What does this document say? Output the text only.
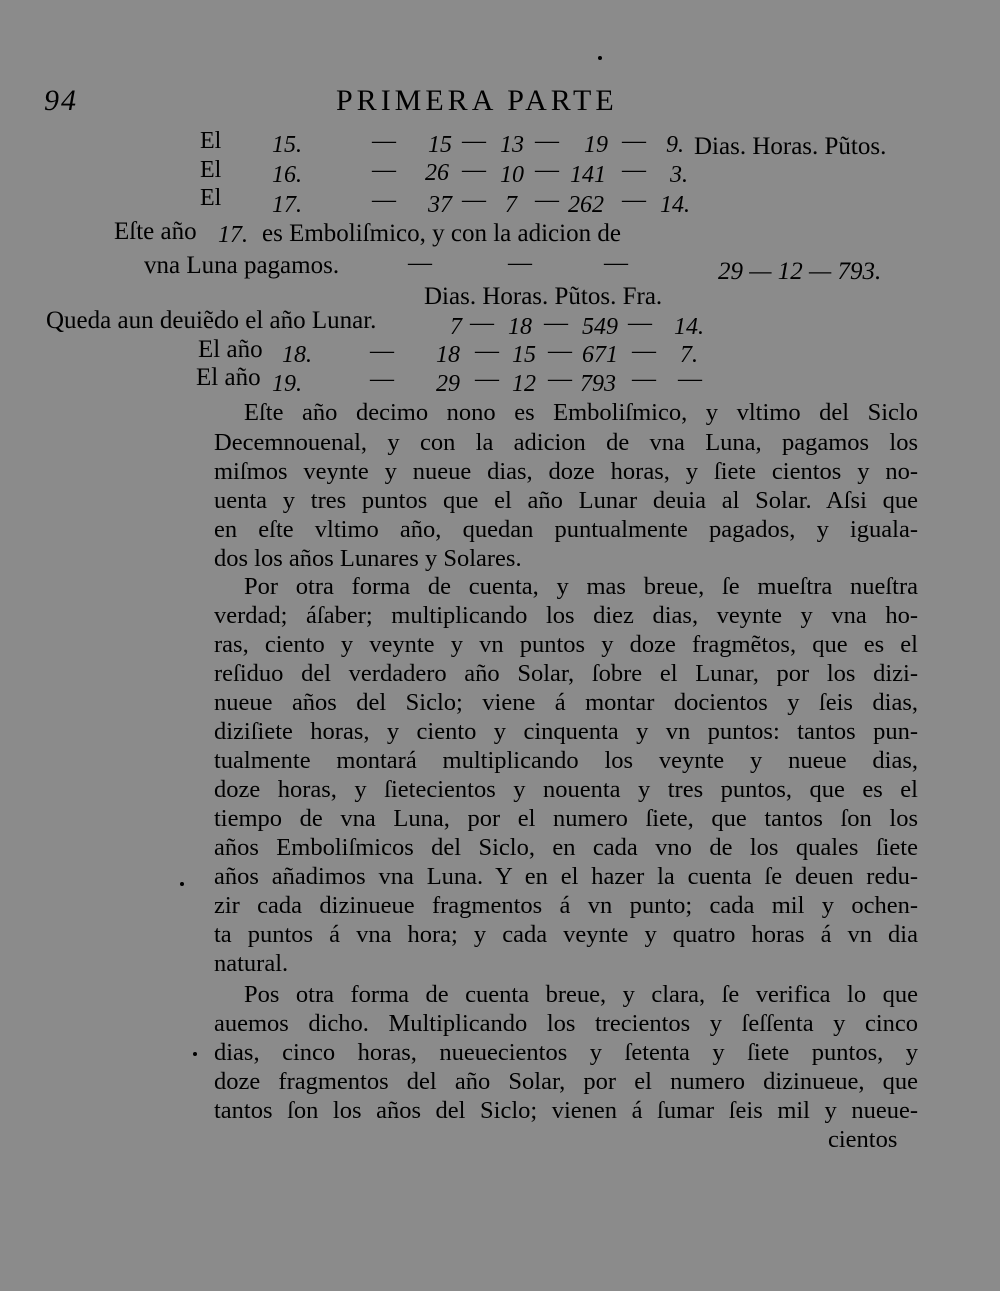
94	PRIMERA PARTE
El 15.	— 15 — 13 — 19 — 9. Dias. Horas. Pũtos.
El 16.	— 26 — 10 — 141 — 3.
El 17.	— 37 — 7 — 262 — 14.
Eſte año 17. es Emboliſmico, y con la adicion de
vna Luna pagamos.	—	—	—	29 — 12 — 793.
Dias. Horas. Pũtos. Fra.
Queda aun deuiẽdo el año Lunar.	7 — 18 — 549 — 14.
El año 18. — 18 — 15 — 671 — 7.
El año 19.	— 29 — 12 — 793 — —
Eſte año decimo nono es Emboliſmico, y vltimo del Siclo
Decemnouenal, y con la adicion de vna Luna, pagamos los
miſmos veynte y nueue dias, doze horas, y ſiete cientos y no-
uenta y tres puntos que el año Lunar deuia al Solar. Aſsi que
en eſte vltimo año, quedan puntualmente pagados, y iguala-
dos los años Lunares y Solares.
Por otra forma de cuenta, y mas breue, ſe mueſtra nueſtra
verdad; áſaber; multiplicando los diez dias, veynte y vna ho-
ras, ciento y veynte y vn puntos y doze fragmẽtos, que es el
reſiduo del verdadero año Solar, ſobre el Lunar, por los dizi-
nueue años del Siclo; viene á montar docientos y ſeis dias,
diziſiete horas, y ciento y cinquenta y vn puntos: tantos pun-
tualmente montará multiplicando los veynte y nueue dias,
doze horas, y ſietecientos y nouenta y tres puntos, que es el
tiempo de vna Luna, por el numero ſiete, que tantos ſon los
años Emboliſmicos del Siclo, en cada vno de los quales ſiete
años añadimos vna Luna. Y en el hazer la cuenta ſe deuen redu-
zir cada dizinueue fragmentos á vn punto; cada mil y ochen-
ta puntos á vna hora; y cada veynte y quatro horas á vn dia
natural.
Pos otra forma de cuenta breue, y clara, ſe verifica lo que
auemos dicho. Multiplicando los trecientos y ſeſſenta y cinco
dias, cinco horas, nueuecientos y ſetenta y ſiete puntos, y
doze fragmentos del año Solar, por el numero dizinueue, que
tantos ſon los años del Siclo; vienen á ſumar ſeis mil y nueue-
cientos
